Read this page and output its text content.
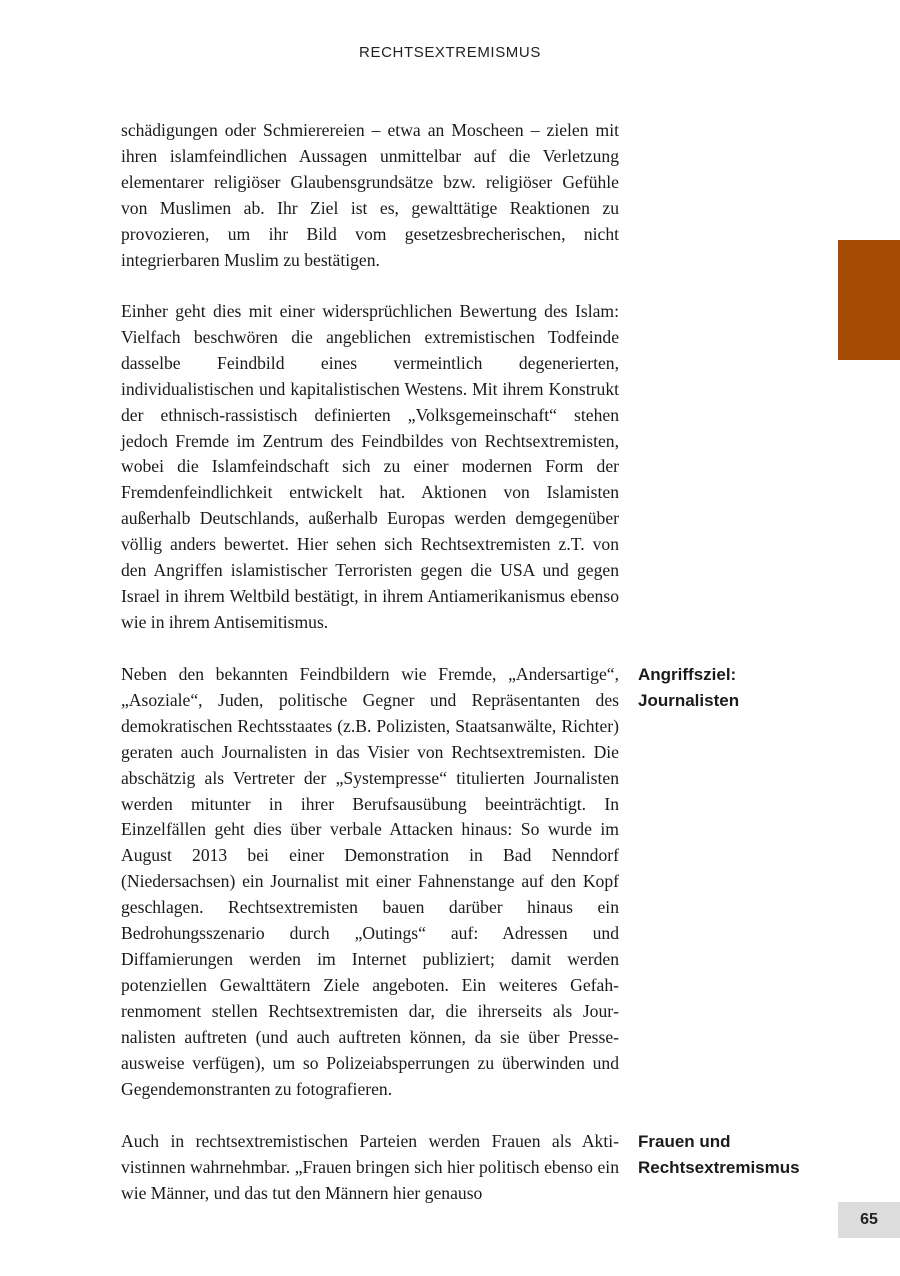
RECHTSEXTREMISMUS
schädigungen oder Schmierereien – etwa an Moscheen – zielen mit ihren islamfeindlichen Aussagen unmittelbar auf die Verletzung elementarer religiöser Glaubensgrundsätze bzw. religiöser Gefühle von Muslimen ab. Ihr Ziel ist es, gewalttätige Reaktionen zu provozieren, um ihr Bild vom gesetzesbrecherischen, nicht integrierbaren Muslim zu bestätigen.
Einher geht dies mit einer widersprüchlichen Bewertung des Islam: Vielfach beschwören die angeblichen extremistischen Todfeinde dasselbe Feindbild eines vermeintlich degenerierten, individualistischen und kapitalistischen Westens. Mit ihrem Konstrukt der ethnisch-rassistisch definierten „Volksgemeinschaft“ stehen jedoch Fremde im Zentrum des Feindbildes von Rechtsextremisten, wobei die Islamfeindschaft sich zu einer modernen Form der Fremdenfeindlichkeit entwickelt hat. Aktionen von Islamisten außerhalb Deutschlands, außerhalb Europas werden demgegenüber völlig anders bewertet. Hier sehen sich Rechtsextremisten z.T. von den Angriffen islamistischer Terroristen gegen die USA und gegen Israel in ihrem Weltbild bestätigt, in ihrem Antiamerikanismus ebenso wie in ihrem Antisemitismus.
Neben den bekannten Feindbildern wie Fremde, „Andersartige“, „Asoziale“, Juden, politische Gegner und Repräsentanten des demokratischen Rechtsstaates (z.B. Polizisten, Staatsanwälte, Richter) geraten auch Journalisten in das Visier von Rechtsextremisten. Die abschätzig als Vertreter der „Systempresse“ titulierten Journalisten werden mitunter in ihrer Berufsausübung beeinträchtigt. In Einzelfällen geht dies über verbale Attacken hinaus: So wurde im August 2013 bei einer Demonstration in Bad Nenndorf (Niedersachsen) ein Journalist mit einer Fahnenstange auf den Kopf geschlagen. Rechtsextremisten bauen darüber hinaus ein Bedrohungsszenario durch „Outings“ auf: Adressen und Diffamierungen werden im Internet publiziert; damit werden potenziellen Gewalttätern Ziele angeboten. Ein weiteres Gefahrenmoment stellen Rechtsextremisten dar, die ihrerseits als Journalisten auftreten (und auch auftreten können, da sie über Presseausweise verfügen), um so Polizeiabsperrungen zu überwinden und Gegendemonstranten zu fotografieren.
Auch in rechtsextremistischen Parteien werden Frauen als Aktivistinnen wahrnehmbar. „Frauen bringen sich hier politisch ebenso ein wie Männer, und das tut den Männern hier genauso
Angriffsziel:
Journalisten
Frauen und
Rechtsextremismus
65
